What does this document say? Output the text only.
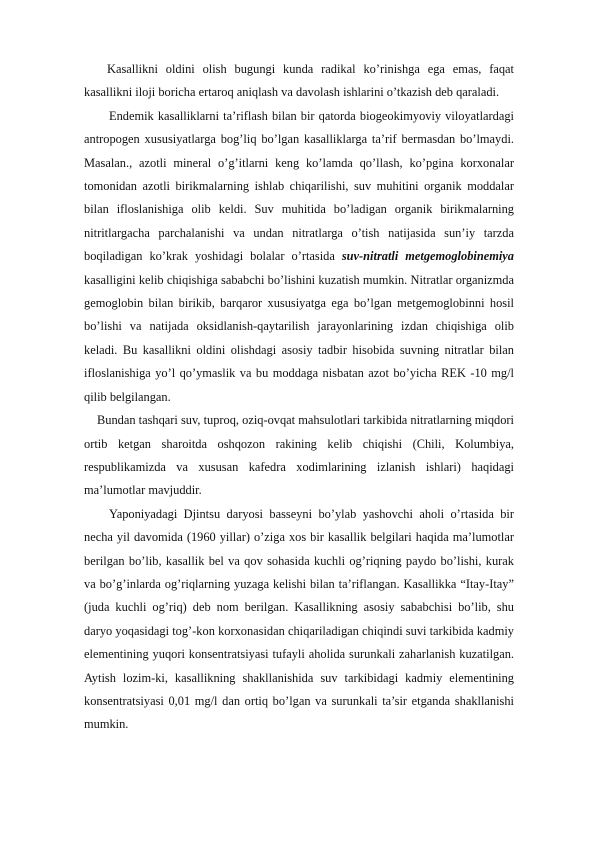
Kasallikni oldini olish bugungi kunda radikal ko’rinishga ega emas, faqat kasallikni iloji boricha ertaroq aniqlash va davolash ishlarini o’tkazish deb qaraladi.

Endemik kasalliklarni ta’riflash bilan bir qatorda biogeokimyoviy viloyatlardagi antropogen xususiyatlarga bog’liq bo’lgan kasalliklarga ta’rif bermasdan bo’lmaydi. Masalan., azotli mineral o’g’itlarni keng ko’lamda qo’llash, ko’pgina korxonalar tomonidan azotli birikmalarning ishlab chiqarilishi, suv muhitini organik moddalar bilan ifloslanishiga olib keldi. Suv muhitida bo’ladigan organik birikmalarning nitritlargacha parchalanishi va undan nitratlarga o’tish natijasida sun’iy tarzda boqiladigan ko’krak yoshidagi bolalar o’rtasida suv-nitratli metgemoglobinemiya kasalligini kelib chiqishiga sababchi bo’lishini kuzatish mumkin. Nitratlar organizmda gemoglobin bilan birikib, barqaror xususiyatga ega bo’lgan metgemoglobinni hosil bo’lishi va natijada oksidlanish-qaytarilish jarayonlarining izdan chiqishiga olib keladi. Bu kasallikni oldini olishdagi asosiy tadbir hisobida suvning nitratlar bilan ifloslanishiga yo’l qo’ymaslik va bu moddaga nisbatan azot bo’yicha REK -10 mg/l qilib belgilangan.

Bundan tashqari suv, tuproq, oziq-ovqat mahsulotlari tarkibida nitratlarning miqdori ortib ketgan sharoitda oshqozon rakining kelib chiqishi (Chili, Kolumbiya, respublikamizda va xususan kafedra xodimlarining izlanish ishlari) haqidagi ma’lumotlar mavjuddir.

Yaponiyadagi Djintsu daryosi basseyni bo’ylab yashovchi aholi o’rtasida bir necha yil davomida (1960 yillar) o’ziga xos bir kasallik belgilari haqida ma’lumotlar berilgan bo’lib, kasallik bel va qov sohasida kuchli og’riqning paydo bo’lishi, kurak va bo’g’inlarda og’riqlarning yuzaga kelishi bilan ta’riflangan. Kasallikka “Itay-Itay” (juda kuchli og’riq) deb nom berilgan. Kasallikning asosiy sababchisi bo’lib, shu daryo yoqasidagi tog’-kon korxonasidan chiqariladigan chiqindi suvi tarkibida kadmiy elementining yuqori konsentratsiyasi tufayli aholida surunkali zaharlanish kuzatilgan. Aytish lozim-ki, kasallikning shakllanishida suv tarkibidagi kadmiy elementining konsentratsiyasi 0,01 mg/l dan ortiq bo’lgan va surunkali ta’sir etganda shakllanishi mumkin.
